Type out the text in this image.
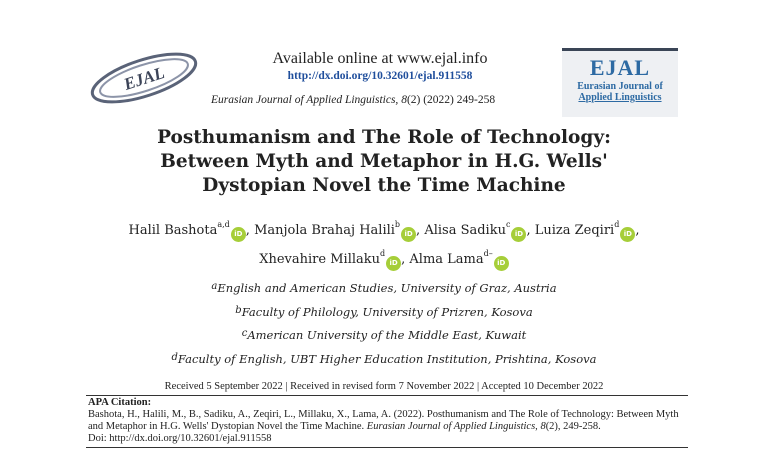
EJAL
Available online at www.ejal.info
http://dx.doi.org/10.32601/ejal.911558
Eurasian Journal of Applied Linguistics, 8(2) (2022) 249-258
EJAL
Eurasian Journal of
Applied Linguistics
Posthumanism and The Role of Technology:
Between Myth and Metaphor in H.G. Wells'
Dystopian Novel the Time Machine
Halil Bashota$^{a,d}$iD , Manjola Brahaj Halili$^b$iD , Alisa Sadiku$^c$iD , Luiza Zeqiri$^d$iD ,
Xhevahire Millaku$^d$iD , Alma Lama$^{d-}$iD
$^a$English and American Studies, University of Graz, Austria
$^b$Faculty of Philology, University of Prizren, Kosova
$^c$American University of the Middle East, Kuwait
$^d$Faculty of English, UBT Higher Education Institution, Prishtina, Kosova
Received 5 September 2022 | Received in revised form 7 November 2022 | Accepted 10 December 2022
APA Citation:
Bashota, H., Halili, M., B., Sadiku, A., Zeqiri, L., Millaku, X., Lama, A. (2022). Posthumanism and The Role of Technology: Between Myth and Metaphor in H.G. Wells' Dystopian Novel the Time Machine. Eurasian Journal of Applied Linguistics, 8(2), 249-258.
Doi: http://dx.doi.org/10.32601/ejal.911558
